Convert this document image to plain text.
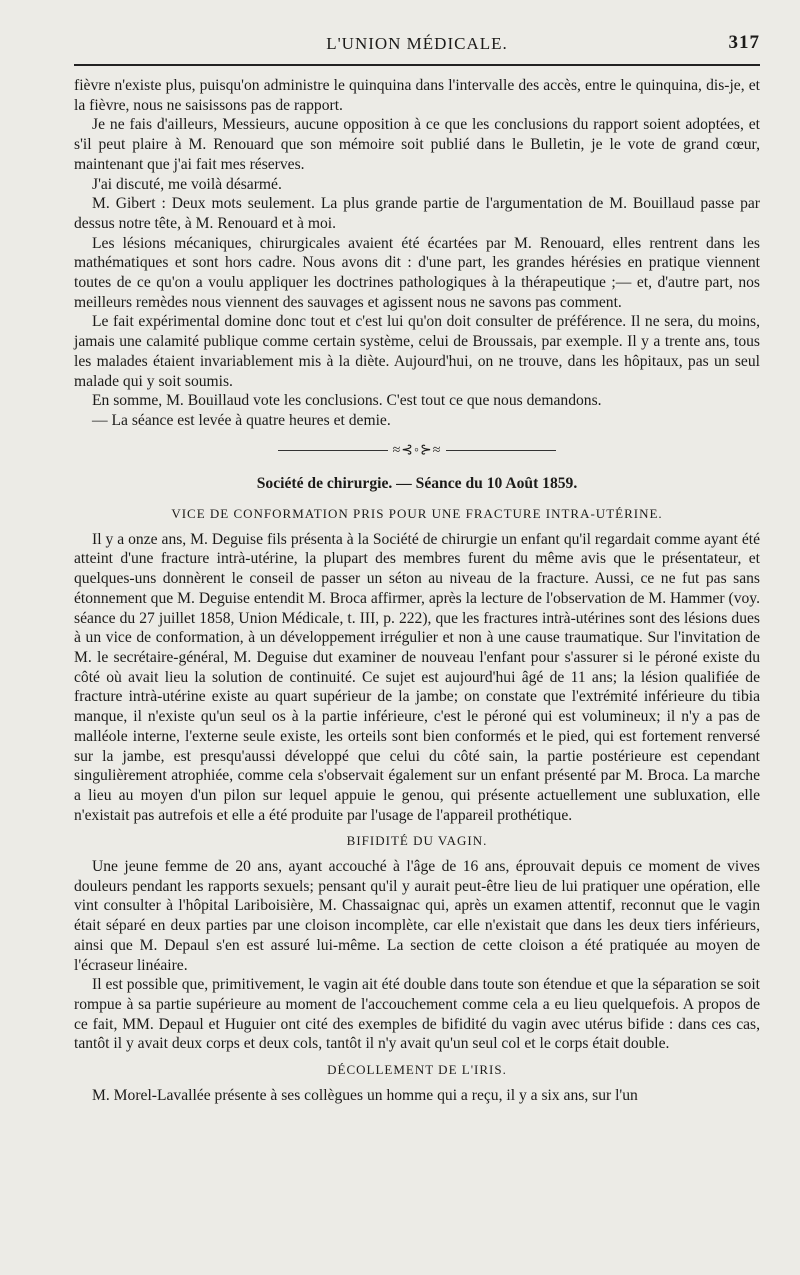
L'UNION MÉDICALE.	317

fièvre n'existe plus, puisqu'on administre le quinquina dans l'intervalle des accès, entre le quinquina, dis-je, et la fièvre, nous ne saisissons pas de rapport.

Je ne fais d'ailleurs, Messieurs, aucune opposition à ce que les conclusions du rapport soient adoptées, et s'il peut plaire à M. Renouard que son mémoire soit publié dans le Bulletin, je le vote de grand cœur, maintenant que j'ai fait mes réserves.

J'ai discuté, me voilà désarmé.

M. Gibert : Deux mots seulement. La plus grande partie de l'argumentation de M. Bouillaud passe par dessus notre tête, à M. Renouard et à moi.

Les lésions mécaniques, chirurgicales avaient été écartées par M. Renouard, elles rentrent dans les mathématiques et sont hors cadre. Nous avons dit : d'une part, les grandes hérésies en pratique viennent toutes de ce qu'on a voulu appliquer les doctrines pathologiques à la thérapeutique ;— et, d'autre part, nos meilleurs remèdes nous viennent des sauvages et agissent nous ne savons pas comment.

Le fait expérimental domine donc tout et c'est lui qu'on doit consulter de préférence. Il ne sera, du moins, jamais une calamité publique comme certain système, celui de Broussais, par exemple. Il y a trente ans, tous les malades étaient invariablement mis à la diète. Aujourd'hui, on ne trouve, dans les hôpitaux, pas un seul malade qui y soit soumis.

En somme, M. Bouillaud vote les conclusions. C'est tout ce que nous demandons.

— La séance est levée à quatre heures et demie.

≈⊰◦⊱≈
Société de chirurgie. — Séance du 10 Août 1859.
VICE DE CONFORMATION PRIS POUR UNE FRACTURE INTRA-UTÉRINE.

Il y a onze ans, M. Deguise fils présenta à la Société de chirurgie un enfant qu'il regardait comme ayant été atteint d'une fracture intrà-utérine, la plupart des membres furent du même avis que le présentateur, et quelques-uns donnèrent le conseil de passer un séton au niveau de la fracture. Aussi, ce ne fut pas sans étonnement que M. Deguise entendit M. Broca affirmer, après la lecture de l'observation de M. Hammer (voy. séance du 27 juillet 1858, Union Médicale, t. III, p. 222), que les fractures intrà-utérines sont des lésions dues à un vice de conformation, à un développement irrégulier et non à une cause traumatique. Sur l'invitation de M. le secrétaire-général, M. Deguise dut examiner de nouveau l'enfant pour s'assurer si le péroné existe du côté où avait lieu la solution de continuité. Ce sujet est aujourd'hui âgé de 11 ans; la lésion qualifiée de fracture intrà-utérine existe au quart supérieur de la jambe; on constate que l'extrémité inférieure du tibia manque, il n'existe qu'un seul os à la partie inférieure, c'est le péroné qui est volumineux; il n'y a pas de malléole interne, l'externe seule existe, les orteils sont bien conformés et le pied, qui est fortement renversé sur la jambe, est presqu'aussi développé que celui du côté sain, la partie postérieure est cependant singulièrement atrophiée, comme cela s'observait également sur un enfant présenté par M. Broca. La marche a lieu au moyen d'un pilon sur lequel appuie le genou, qui présente actuellement une subluxation, elle n'existait pas autrefois et elle a été produite par l'usage de l'appareil prothétique.

BIFIDITÉ DU VAGIN.

Une jeune femme de 20 ans, ayant accouché à l'âge de 16 ans, éprouvait depuis ce moment de vives douleurs pendant les rapports sexuels; pensant qu'il y aurait peut-être lieu de lui pratiquer une opération, elle vint consulter à l'hôpital Lariboisière, M. Chassaignac qui, après un examen attentif, reconnut que le vagin était séparé en deux parties par une cloison incomplète, car elle n'existait que dans les deux tiers inférieurs, ainsi que M. Depaul s'en est assuré lui-même. La section de cette cloison a été pratiquée au moyen de l'écraseur linéaire.

Il est possible que, primitivement, le vagin ait été double dans toute son étendue et que la séparation se soit rompue à sa partie supérieure au moment de l'accouchement comme cela a eu lieu quelquefois. A propos de ce fait, MM. Depaul et Huguier ont cité des exemples de bifidité du vagin avec utérus bifide : dans ces cas, tantôt il y avait deux corps et deux cols, tantôt il n'y avait qu'un seul col et le corps était double.

DÉCOLLEMENT DE L'IRIS.

M. Morel-Lavallée présente à ses collègues un homme qui a reçu, il y a six ans, sur l'un
